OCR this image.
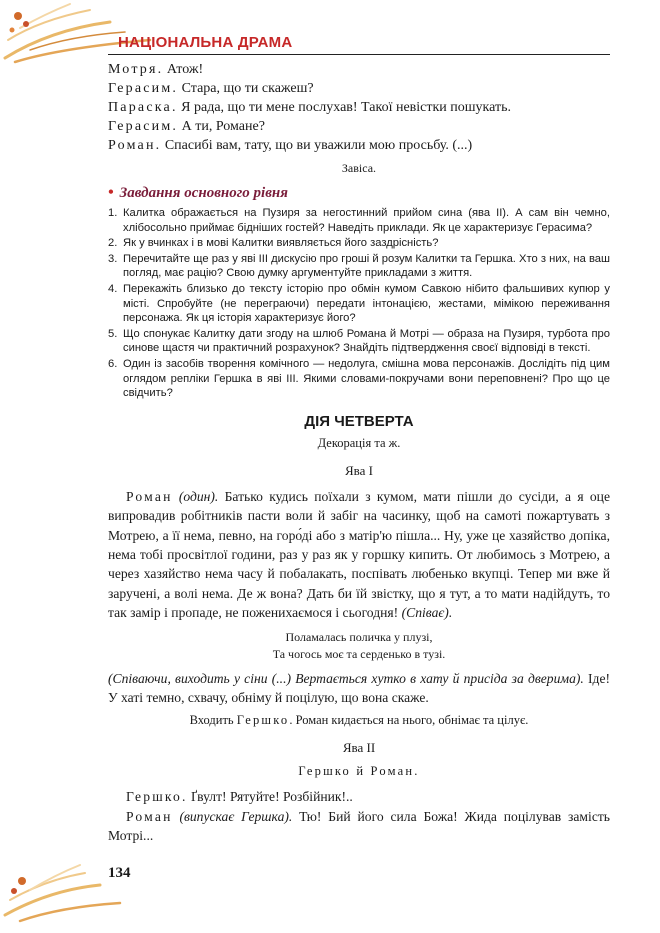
НАЦІОНАЛЬНА ДРАМА

Мотря. Атож!

Герасим. Стара, що ти скажеш?

Параска. Я рада, що ти мене послухав! Такої невістки пошукать.

Герасим. А ти, Романе?

Роман. Спасибі вам, тату, що ви уважили мою просьбу. (...)

Завіса.
• Завдання основного рівня
1. Калитка ображається на Пузиря за негостинний прийом сина (ява II). А сам він чемно, хлібосольно приймає бідніших гостей? Наведіть приклади. Як це характеризує Герасима?
2. Як у вчинках і в мові Калитки виявляється його заздрісність?
3. Перечитайте ще раз у яві III дискусію про гроші й розум Калитки та Гершка. Хто з них, на ваш погляд, має рацію? Свою думку аргументуйте прикладами з життя.
4. Перекажіть близько до тексту історію про обмін кумом Савкою нібито фальшивих купюр у місті. Спробуйте (не переграючи) передати інтонацією, жестами, мімікою переживання персонажа. Як ця історія характеризує його?
5. Що спонукає Калитку дати згоду на шлюб Романа й Мотрі — образа на Пузиря, турбота про синове щастя чи практичний розрахунок? Знайдіть підтвердження своєї відповіді в тексті.
6. Один із засобів творення комічного — недолуга, смішна мова персонажів. Дослідіть під цим оглядом репліки Гершка в яві III. Якими словами-покручами вони переповнені? Про що це свідчить?
ДІЯ ЧЕТВЕРТА
Декорація та ж.
Ява I

Роман (один). Батько кудись поїхали з кумом, мати пішли до сусіди, а я оце випровадив робітників пасти воли й забіг на часинку, щоб на самоті пожартувать з Мотрею, а її нема, певно, на горо́ді або з матір'ю пішла... Ну, уже це хазяйство допіка, нема тобі просвітлої години, раз у раз як у горшку кипить. От любимось з Мотрею, а через хазяйство нема часу й побалакать, поспівать любенько вкупці. Тепер ми вже й заручені, а волі нема. Де ж вона? Дать би їй звістку, що я тут, а то мати надійдуть, то так замір і пропаде, не поженихаємося і сьогодня! (Співає).

Поламалась поличка у плузі,
Та чогось моє та серденько в тузі.

(Співаючи, виходить у сіни (...) Вертається хутко в хату й присіда за дверима). Іде! У хаті темно, схвачу, обніму й поцілую, що вона скаже.

Входить Гершко. Роман кидається на нього, обнімає та цілує.
Ява II
Гершко й Роман.

Гершко. Ґвулт! Рятуйте! Розбійник!..

Роман (випускає Гершка). Тю! Бий його сила Божа! Жида поцілував замість Мотрі...

134
